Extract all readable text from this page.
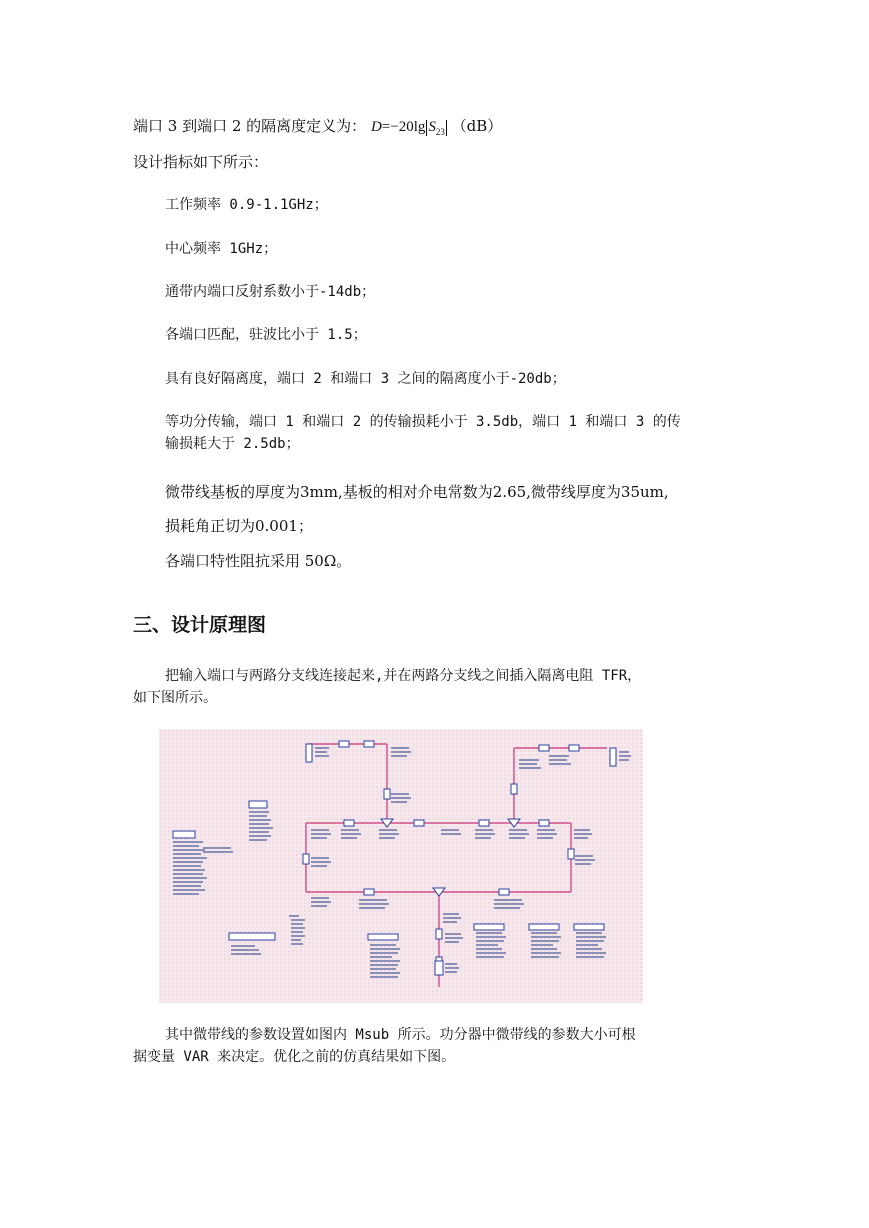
端口 3 到端口 2 的隔离度定义为： D=−20lg $S_{23}$ （dB）
设计指标如下所示：
工作频率 0.9-1.1GHz；
中心频率 1GHz；
通带内端口反射系数小于-14db；
各端口匹配，驻波比小于 1.5；
具有良好隔离度，端口 2 和端口 3 之间的隔离度小于-20db；
等功分传输，端口 1 和端口 2 的传输损耗小于 3.5db，端口 1 和端口 3 的传
输损耗大于 2.5db；
微带线基板的厚度为3mm,基板的相对介电常数为2.65,微带线厚度为35um,
损耗角正切为0.001；
各端口特性阻抗采用 50Ω。
三、设计原理图
把输入端口与两路分支线连接起来,并在两路分支线之间插入隔离电阻 TFR，
如下图所示。
其中微带线的参数设置如图内 Msub 所示。功分器中微带线的参数大小可根
据变量 VAR 来决定。优化之前的仿真结果如下图。
